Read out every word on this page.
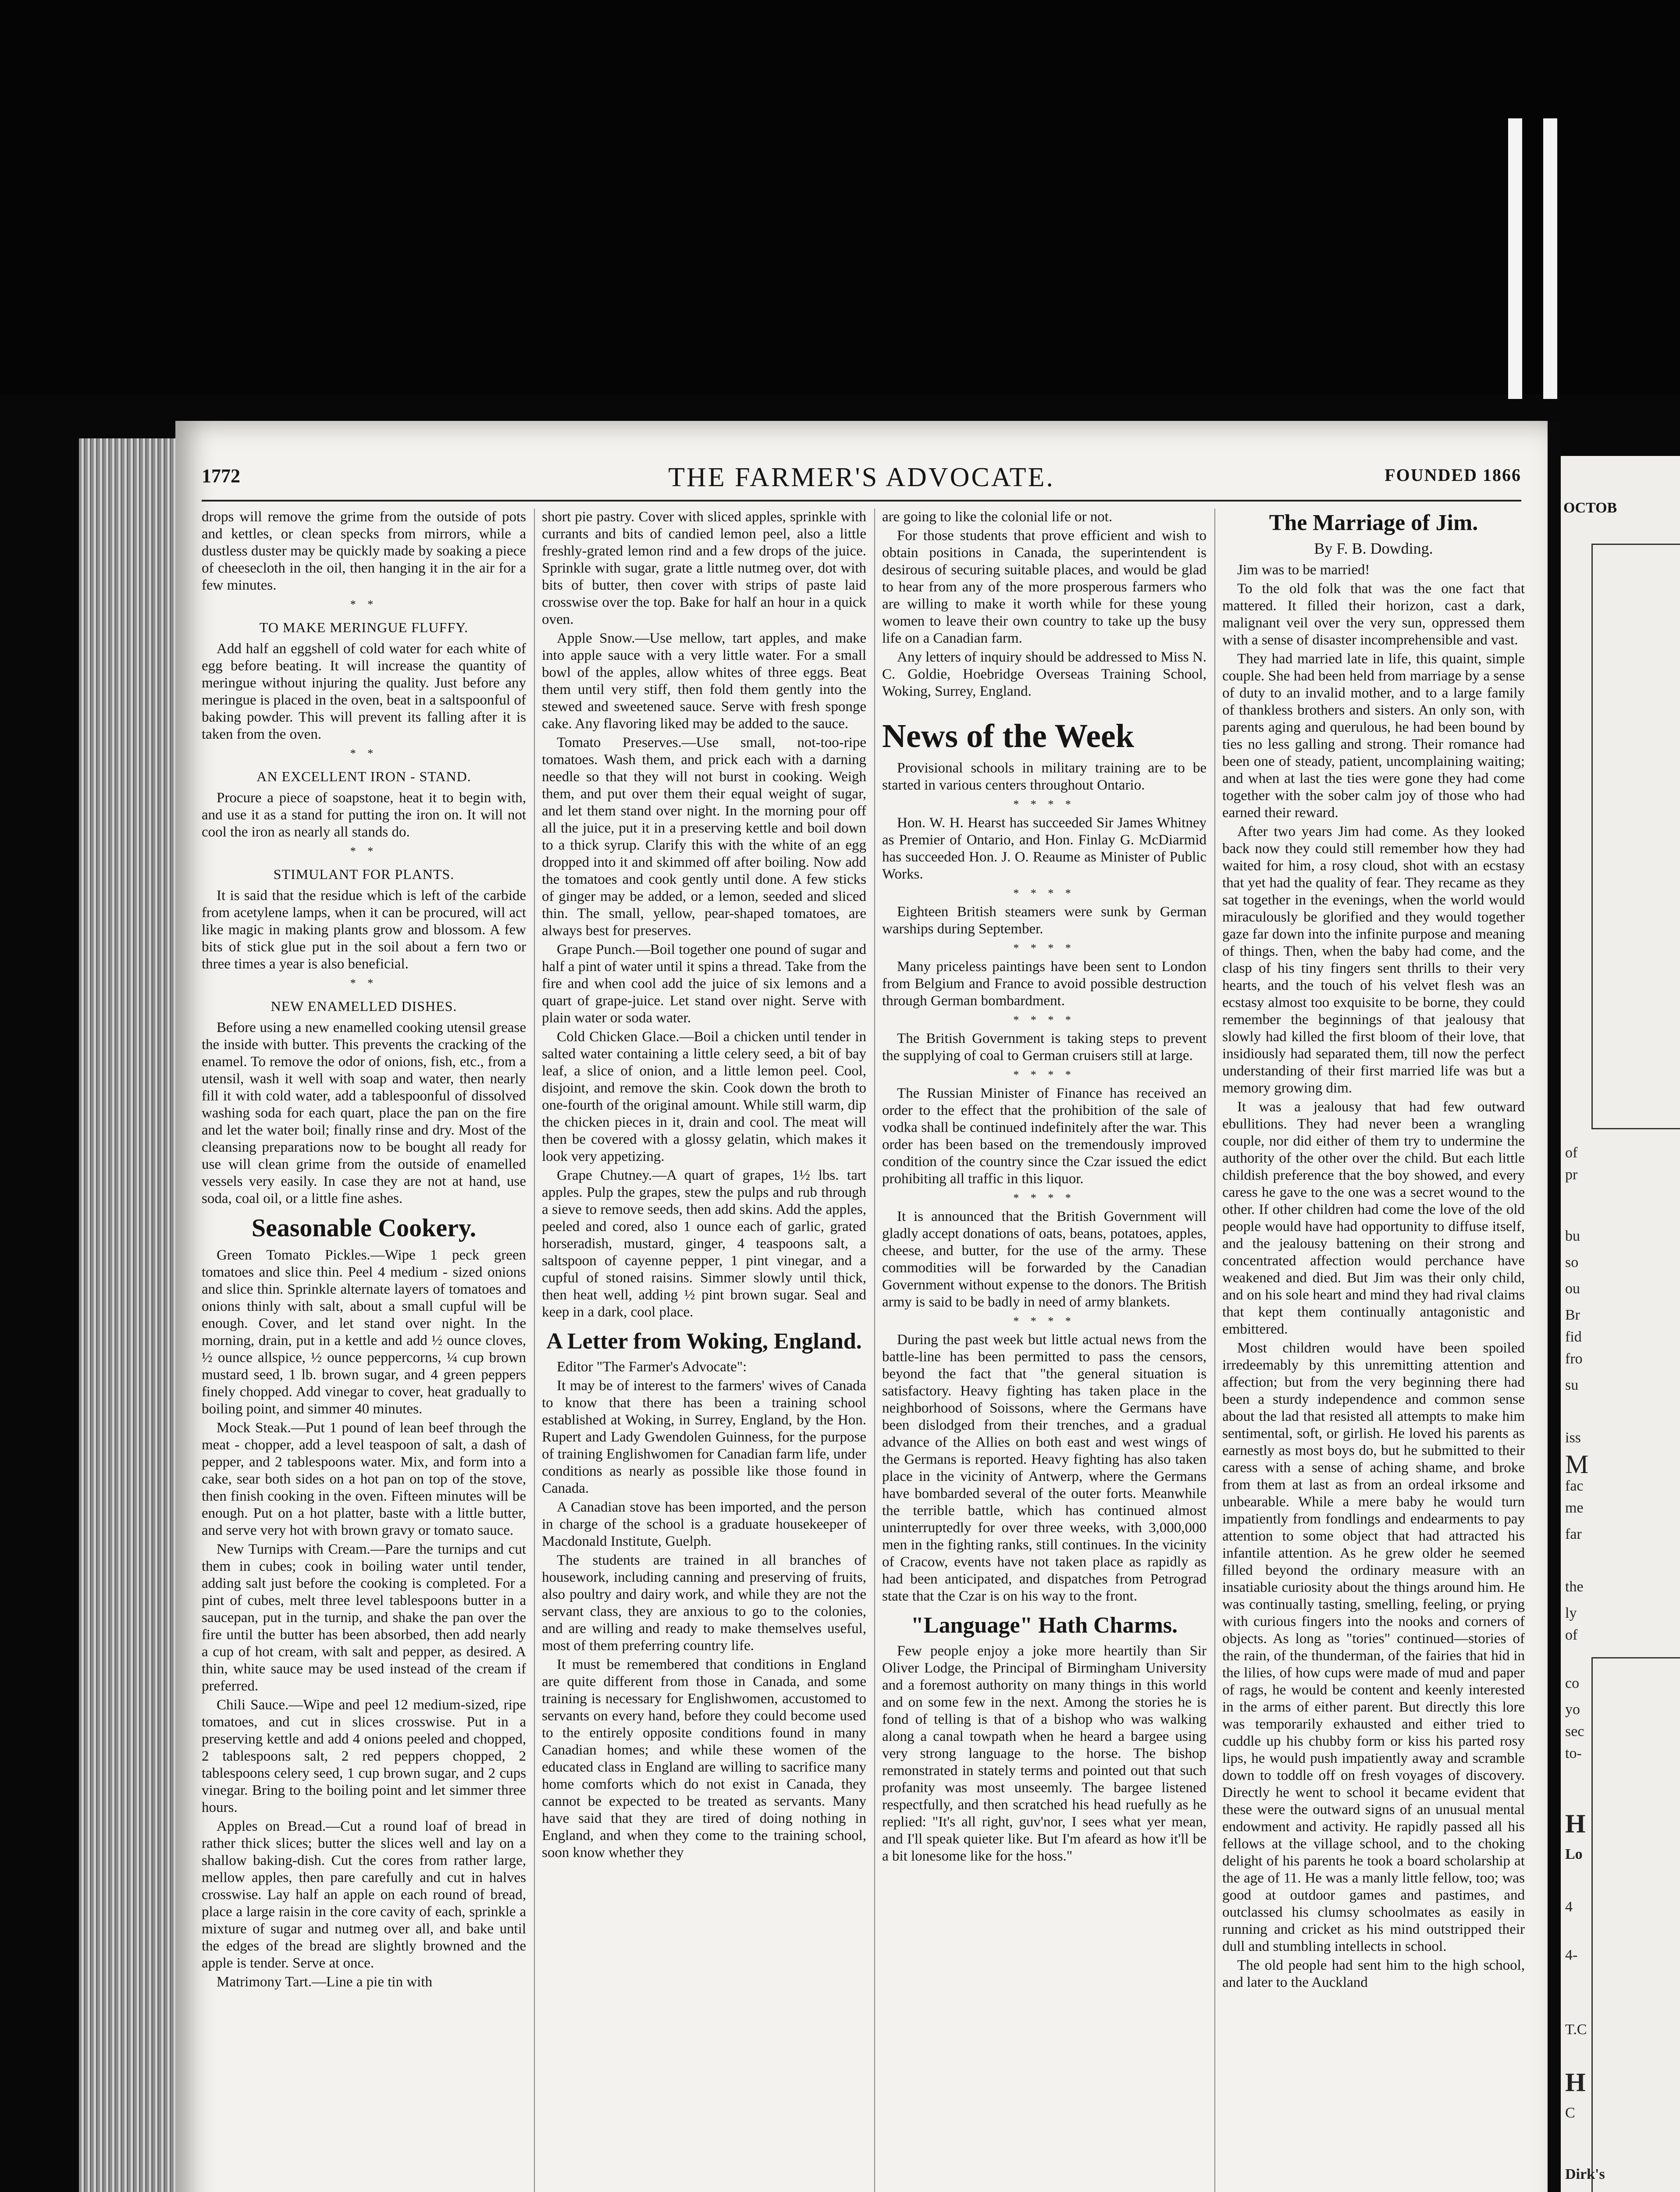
1772	THE FARMER'S ADVOCATE.	FOUNDED 1866

drops will remove the grime from the outside of pots and kettles, or clean specks from mirrors, while a dustless duster may be quickly made by soaking a piece of cheesecloth in the oil, then hanging it in the air for a few minutes.

* *
TO MAKE MERINGUE FLUFFY.

Add half an eggshell of cold water for each white of egg before beating. It will increase the quantity of meringue without injuring the quality. Just before any meringue is placed in the oven, beat in a saltspoonful of baking powder. This will prevent its falling after it is taken from the oven.

* *
AN EXCELLENT IRON - STAND.

Procure a piece of soapstone, heat it to begin with, and use it as a stand for putting the iron on. It will not cool the iron as nearly all stands do.

* *
STIMULANT FOR PLANTS.

It is said that the residue which is left of the carbide from acetylene lamps, when it can be procured, will act like magic in making plants grow and blossom. A few bits of stick glue put in the soil about a fern two or three times a year is also beneficial.

* *
NEW ENAMELLED DISHES.

Before using a new enamelled cooking utensil grease the inside with butter. This prevents the cracking of the enamel. To remove the odor of onions, fish, etc., from a utensil, wash it well with soap and water, then nearly fill it with cold water, add a tablespoonful of dissolved washing soda for each quart, place the pan on the fire and let the water boil; finally rinse and dry. Most of the cleansing preparations now to be bought all ready for use will clean grime from the outside of enamelled vessels very easily. In case they are not at hand, use soda, coal oil, or a little fine ashes.

Seasonable Cookery.

Green Tomato Pickles.—Wipe 1 peck green tomatoes and slice thin. Peel 4 medium - sized onions and slice thin. Sprinkle alternate layers of tomatoes and onions thinly with salt, about a small cupful will be enough. Cover, and let stand over night. In the morning, drain, put in a kettle and add ½ ounce cloves, ½ ounce allspice, ½ ounce peppercorns, ¼ cup brown mustard seed, 1 lb. brown sugar, and 4 green peppers finely chopped. Add vinegar to cover, heat gradually to boiling point, and simmer 40 minutes.

Mock Steak.—Put 1 pound of lean beef through the meat - chopper, add a level teaspoon of salt, a dash of pepper, and 2 tablespoons water. Mix, and form into a cake, sear both sides on a hot pan on top of the stove, then finish cooking in the oven. Fifteen minutes will be enough. Put on a hot platter, baste with a little butter, and serve very hot with brown gravy or tomato sauce.

New Turnips with Cream.—Pare the turnips and cut them in cubes; cook in boiling water until tender, adding salt just before the cooking is completed. For a pint of cubes, melt three level tablespoons butter in a saucepan, put in the turnip, and shake the pan over the fire until the butter has been absorbed, then add nearly a cup of hot cream, with salt and pepper, as desired. A thin, white sauce may be used instead of the cream if preferred.

Chili Sauce.—Wipe and peel 12 medium-sized, ripe tomatoes, and cut in slices crosswise. Put in a preserving kettle and add 4 onions peeled and chopped, 2 tablespoons salt, 2 red peppers chopped, 2 tablespoons celery seed, 1 cup brown sugar, and 2 cups vinegar. Bring to the boiling point and let simmer three hours.

Apples on Bread.—Cut a round loaf of bread in rather thick slices; butter the slices well and lay on a shallow baking-dish. Cut the cores from rather large, mellow apples, then pare carefully and cut in halves crosswise. Lay half an apple on each round of bread, place a large raisin in the core cavity of each, sprinkle a mixture of sugar and nutmeg over all, and bake until the edges of the bread are slightly browned and the apple is tender. Serve at once.

Matrimony Tart.—Line a pie tin with

short pie pastry. Cover with sliced apples, sprinkle with currants and bits of candied lemon peel, also a little freshly-grated lemon rind and a few drops of the juice. Sprinkle with sugar, grate a little nutmeg over, dot with bits of butter, then cover with strips of paste laid crosswise over the top. Bake for half an hour in a quick oven.

Apple Snow.—Use mellow, tart apples, and make into apple sauce with a very little water. For a small bowl of the apples, allow whites of three eggs. Beat them until very stiff, then fold them gently into the stewed and sweetened sauce. Serve with fresh sponge cake. Any flavoring liked may be added to the sauce.

Tomato Preserves.—Use small, not-too-ripe tomatoes. Wash them, and prick each with a darning needle so that they will not burst in cooking. Weigh them, and put over them their equal weight of sugar, and let them stand over night. In the morning pour off all the juice, put it in a preserving kettle and boil down to a thick syrup. Clarify this with the white of an egg dropped into it and skimmed off after boiling. Now add the tomatoes and cook gently until done. A few sticks of ginger may be added, or a lemon, seeded and sliced thin. The small, yellow, pear-shaped tomatoes, are always best for preserves.

Grape Punch.—Boil together one pound of sugar and half a pint of water until it spins a thread. Take from the fire and when cool add the juice of six lemons and a quart of grape-juice. Let stand over night. Serve with plain water or soda water.

Cold Chicken Glace.—Boil a chicken until tender in salted water containing a little celery seed, a bit of bay leaf, a slice of onion, and a little lemon peel. Cool, disjoint, and remove the skin. Cook down the broth to one-fourth of the original amount. While still warm, dip the chicken pieces in it, drain and cool. The meat will then be covered with a glossy gelatin, which makes it look very appetizing.

Grape Chutney.—A quart of grapes, 1½ lbs. tart apples. Pulp the grapes, stew the pulps and rub through a sieve to remove seeds, then add skins. Add the apples, peeled and cored, also 1 ounce each of garlic, grated horseradish, mustard, ginger, 4 teaspoons salt, a saltspoon of cayenne pepper, 1 pint vinegar, and a cupful of stoned raisins. Simmer slowly until thick, then heat well, adding ½ pint brown sugar. Seal and keep in a dark, cool place.

A Letter from Woking, England.

Editor "The Farmer's Advocate":

It may be of interest to the farmers' wives of Canada to know that there has been a training school established at Woking, in Surrey, England, by the Hon. Rupert and Lady Gwendolen Guinness, for the purpose of training Englishwomen for Canadian farm life, under conditions as nearly as possible like those found in Canada.

A Canadian stove has been imported, and the person in charge of the school is a graduate housekeeper of Macdonald Institute, Guelph.

The students are trained in all branches of housework, including canning and preserving of fruits, also poultry and dairy work, and while they are not the servant class, they are anxious to go to the colonies, and are willing and ready to make themselves useful, most of them preferring country life.

It must be remembered that conditions in England are quite different from those in Canada, and some training is necessary for Englishwomen, accustomed to servants on every hand, before they could become used to the entirely opposite conditions found in many Canadian homes; and while these women of the educated class in England are willing to sacrifice many home comforts which do not exist in Canada, they cannot be expected to be treated as servants. Many have said that they are tired of doing nothing in England, and when they come to the training school, soon know whether they

are going to like the colonial life or not.

For those students that prove efficient and wish to obtain positions in Canada, the superintendent is desirous of securing suitable places, and would be glad to hear from any of the more prosperous farmers who are willing to make it worth while for these young women to leave their own country to take up the busy life on a Canadian farm.

Any letters of inquiry should be addressed to Miss N. C. Goldie, Hoebridge Overseas Training School, Woking, Surrey, England.

News of the Week

Provisional schools in military training are to be started in various centers throughout Ontario.

* * * *

Hon. W. H. Hearst has succeeded Sir James Whitney as Premier of Ontario, and Hon. Finlay G. McDiarmid has succeeded Hon. J. O. Reaume as Minister of Public Works.

* * * *

Eighteen British steamers were sunk by German warships during September.

* * * *

Many priceless paintings have been sent to London from Belgium and France to avoid possible destruction through German bombardment.

* * * *

The British Government is taking steps to prevent the supplying of coal to German cruisers still at large.

* * * *

The Russian Minister of Finance has received an order to the effect that the prohibition of the sale of vodka shall be continued indefinitely after the war. This order has been based on the tremendously improved condition of the country since the Czar issued the edict prohibiting all traffic in this liquor.

* * * *

It is announced that the British Government will gladly accept donations of oats, beans, potatoes, apples, cheese, and butter, for the use of the army. These commodities will be forwarded by the Canadian Government without expense to the donors. The British army is said to be badly in need of army blankets.

* * * *

During the past week but little actual news from the battle-line has been permitted to pass the censors, beyond the fact that "the general situation is satisfactory. Heavy fighting has taken place in the neighborhood of Soissons, where the Germans have been dislodged from their trenches, and a gradual advance of the Allies on both east and west wings of the Germans is reported. Heavy fighting has also taken place in the vicinity of Antwerp, where the Germans have bombarded several of the outer forts. Meanwhile the terrible battle, which has continued almost uninterruptedly for over three weeks, with 3,000,000 men in the fighting ranks, still continues. In the vicinity of Cracow, events have not taken place as rapidly as had been anticipated, and dispatches from Petrograd state that the Czar is on his way to the front.

"Language" Hath Charms.

Few people enjoy a joke more heartily than Sir Oliver Lodge, the Principal of Birmingham University and a foremost authority on many things in this world and on some few in the next. Among the stories he is fond of telling is that of a bishop who was walking along a canal towpath when he heard a bargee using very strong language to the horse. The bishop remonstrated in stately terms and pointed out that such profanity was most unseemly. The bargee listened respectfully, and then scratched his head ruefully as he replied: "It's all right, guv'nor, I sees what yer mean, and I'll speak quieter like. But I'm afeard as how it'll be a bit lonesome like for the hoss."

The Marriage of Jim.
By F. B. Dowding.

Jim was to be married!

To the old folk that was the one fact that mattered. It filled their horizon, cast a dark, malignant veil over the very sun, oppressed them with a sense of disaster incomprehensible and vast.

They had married late in life, this quaint, simple couple. She had been held from marriage by a sense of duty to an invalid mother, and to a large family of thankless brothers and sisters. An only son, with parents aging and querulous, he had been bound by ties no less galling and strong. Their romance had been one of steady, patient, uncomplaining waiting; and when at last the ties were gone they had come together with the sober calm joy of those who had earned their reward.

After two years Jim had come. As they looked back now they could still remember how they had waited for him, a rosy cloud, shot with an ecstasy that yet had the quality of fear. They recame as they sat together in the evenings, when the world would miraculously be glorified and they would together gaze far down into the infinite purpose and meaning of things. Then, when the baby had come, and the clasp of his tiny fingers sent thrills to their very hearts, and the touch of his velvet flesh was an ecstasy almost too exquisite to be borne, they could remember the beginnings of that jealousy that slowly had killed the first bloom of their love, that insidiously had separated them, till now the perfect understanding of their first married life was but a memory growing dim.

It was a jealousy that had few outward ebullitions. They had never been a wrangling couple, nor did either of them try to undermine the authority of the other over the child. But each little childish preference that the boy showed, and every caress he gave to the one was a secret wound to the other. If other children had come the love of the old people would have had opportunity to diffuse itself, and the jealousy battening on their strong and concentrated affection would perchance have weakened and died. But Jim was their only child, and on his sole heart and mind they had rival claims that kept them continually antagonistic and embittered.

Most children would have been spoiled irredeemably by this unremitting attention and affection; but from the very beginning there had been a sturdy independence and common sense about the lad that resisted all attempts to make him sentimental, soft, or girlish. He loved his parents as earnestly as most boys do, but he submitted to their caress with a sense of aching shame, and broke from them at last as from an ordeal irksome and unbearable. While a mere baby he would turn impatiently from fondlings and endearments to pay attention to some object that had attracted his infantile attention. As he grew older he seemed filled beyond the ordinary measure with an insatiable curiosity about the things around him. He was continually tasting, smelling, feeling, or prying with curious fingers into the nooks and corners of objects. As long as "tories" continued—stories of the rain, of the thunderman, of the fairies that hid in the lilies, of how cups were made of mud and paper of rags, he would be content and keenly interested in the arms of either parent. But directly this lore was temporarily exhausted and either tried to cuddle up his chubby form or kiss his parted rosy lips, he would push impatiently away and scramble down to toddle off on fresh voyages of discovery. Directly he went to school it became evident that these were the outward signs of an unusual mental endowment and activity. He rapidly passed all his fellows at the village school, and to the choking delight of his parents he took a board scholarship at the age of 11. He was a manly little fellow, too; was good at outdoor games and pastimes, and outclassed his clumsy schoolmates as easily in running and cricket as his mind outstripped their dull and stumbling intellects in school.

The old people had sent him to the high school, and later to the Auckland

OCTOB
of
pr
bu
so
ou
Br
fid
fro
su
iss
M
fac
me
far
the
ly
of
co
yo
sec
to-
H
Lo
4
4-
T.C
H
C
Dirk's
